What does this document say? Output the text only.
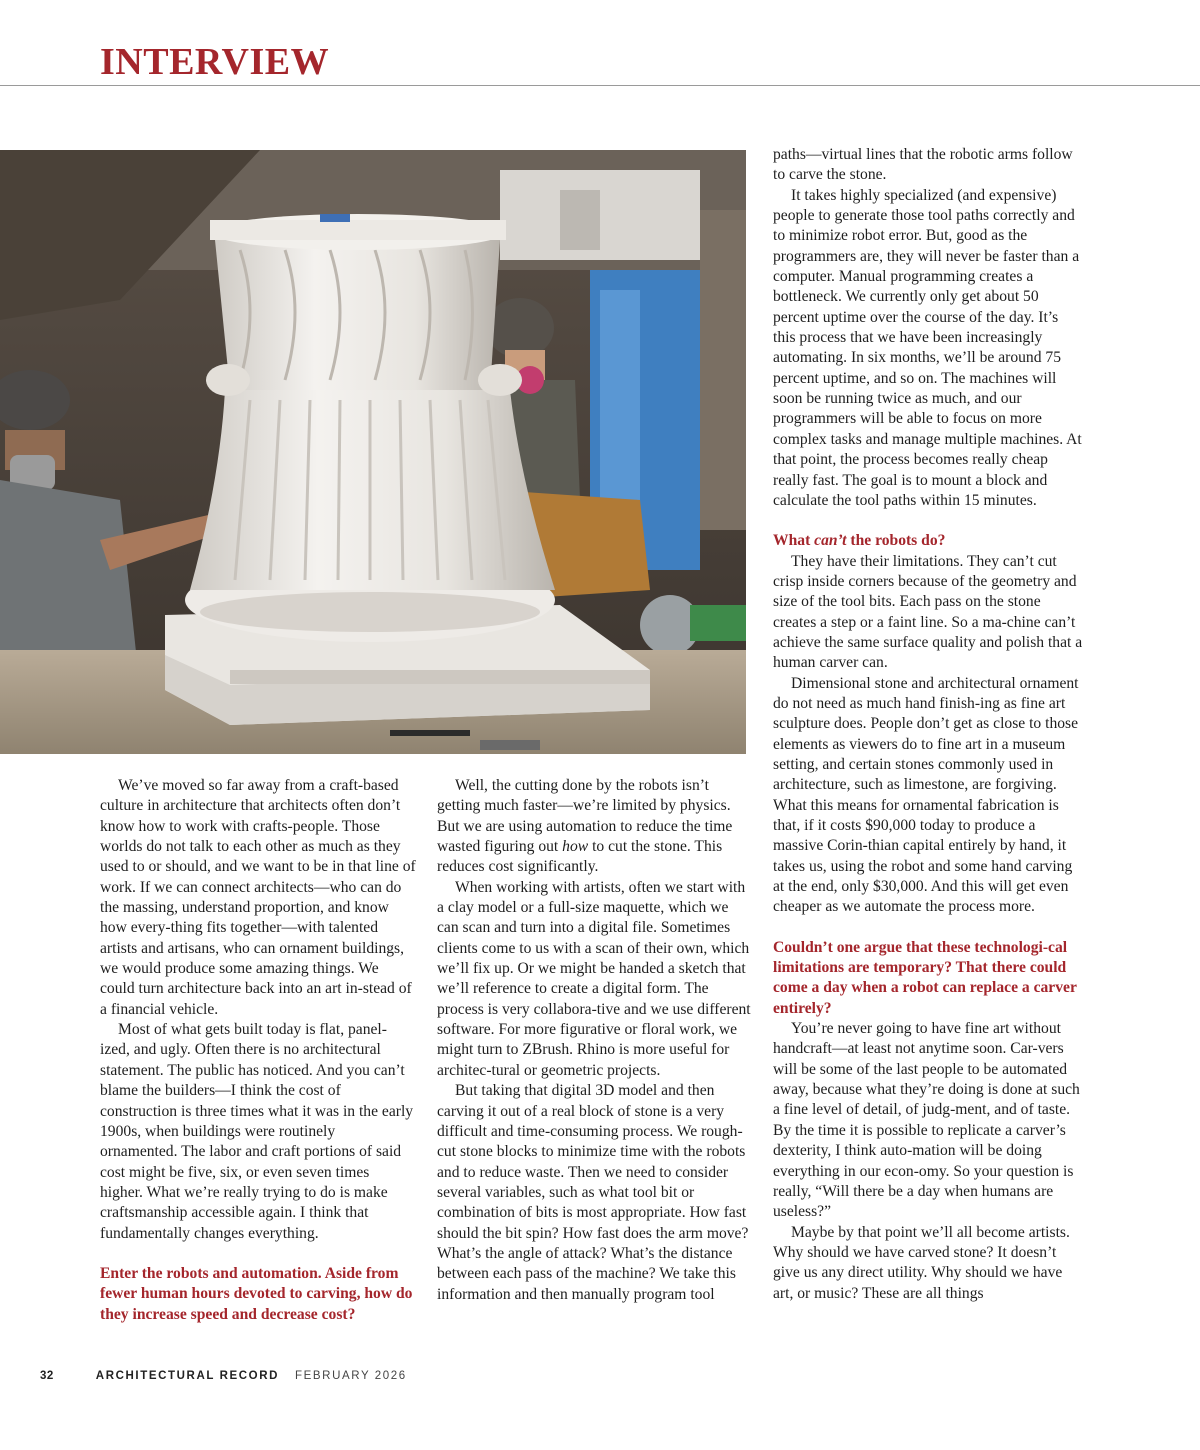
INTERVIEW

We’ve moved so far away from a craft-based culture in architecture that architects often don’t know how to work with crafts-people. Those worlds do not talk to each other as much as they used to or should, and we want to be in that line of work. If we can connect architects—who can do the massing, understand proportion, and know how every-thing fits together—with talented artists and artisans, who can ornament buildings, we would produce some amazing things. We could turn architecture back into an art in-stead of a financial vehicle.

Most of what gets built today is flat, panel-ized, and ugly. Often there is no architectural statement. The public has noticed. And you can’t blame the builders—I think the cost of construction is three times what it was in the early 1900s, when buildings were routinely ornamented. The labor and craft portions of said cost might be five, six, or even seven times higher. What we’re really trying to do is make craftsmanship accessible again. I think that fundamentally changes everything.

Enter the robots and automation. Aside from fewer human hours devoted to carving, how do they increase speed and decrease cost?

Well, the cutting done by the robots isn’t getting much faster—we’re limited by physics. But we are using automation to reduce the time wasted figuring out how to cut the stone. This reduces cost significantly.

When working with artists, often we start with a clay model or a full-size maquette, which we can scan and turn into a digital file. Sometimes clients come to us with a scan of their own, which we’ll fix up. Or we might be handed a sketch that we’ll reference to create a digital form. The process is very collabora-tive and we use different software. For more figurative or floral work, we might turn to ZBrush. Rhino is more useful for architec-tural or geometric projects.

But taking that digital 3D model and then carving it out of a real block of stone is a very difficult and time-consuming process. We rough-cut stone blocks to minimize time with the robots and to reduce waste. Then we need to consider several variables, such as what tool bit or combination of bits is most appropriate. How fast should the bit spin? How fast does the arm move? What’s the angle of attack? What’s the distance between each pass of the machine? We take this information and then manually program tool

paths—virtual lines that the robotic arms follow to carve the stone.

It takes highly specialized (and expensive) people to generate those tool paths correctly and to minimize robot error. But, good as the programmers are, they will never be faster than a computer. Manual programming creates a bottleneck. We currently only get about 50 percent uptime over the course of the day. It’s this process that we have been increasingly automating. In six months, we’ll be around 75 percent uptime, and so on. The machines will soon be running twice as much, and our programmers will be able to focus on more complex tasks and manage multiple machines. At that point, the process becomes really cheap really fast. The goal is to mount a block and calculate the tool paths within 15 minutes.

What can’t the robots do?

They have their limitations. They can’t cut crisp inside corners because of the geometry and size of the tool bits. Each pass on the stone creates a step or a faint line. So a ma-chine can’t achieve the same surface quality and polish that a human carver can.

Dimensional stone and architectural ornament do not need as much hand finish-ing as fine art sculpture does. People don’t get as close to those elements as viewers do to fine art in a museum setting, and certain stones commonly used in architecture, such as limestone, are forgiving. What this means for ornamental fabrication is that, if it costs $90,000 today to produce a massive Corin-thian capital entirely by hand, it takes us, using the robot and some hand carving at the end, only $30,000. And this will get even cheaper as we automate the process more.

Couldn’t one argue that these technologi-cal limitations are temporary? That there could come a day when a robot can replace a carver entirely?

You’re never going to have fine art without handcraft—at least not anytime soon. Car-vers will be some of the last people to be automated away, because what they’re doing is done at such a fine level of detail, of judg-ment, and of taste. By the time it is possible to replicate a carver’s dexterity, I think auto-mation will be doing everything in our econ-omy. So your question is really, “Will there be a day when humans are useless?”

Maybe by that point we’ll all become artists. Why should we have carved stone? It doesn’t give us any direct utility. Why should we have art, or music? These are all things

32	ARCHITECTURAL RECORD FEBRUARY 2026
